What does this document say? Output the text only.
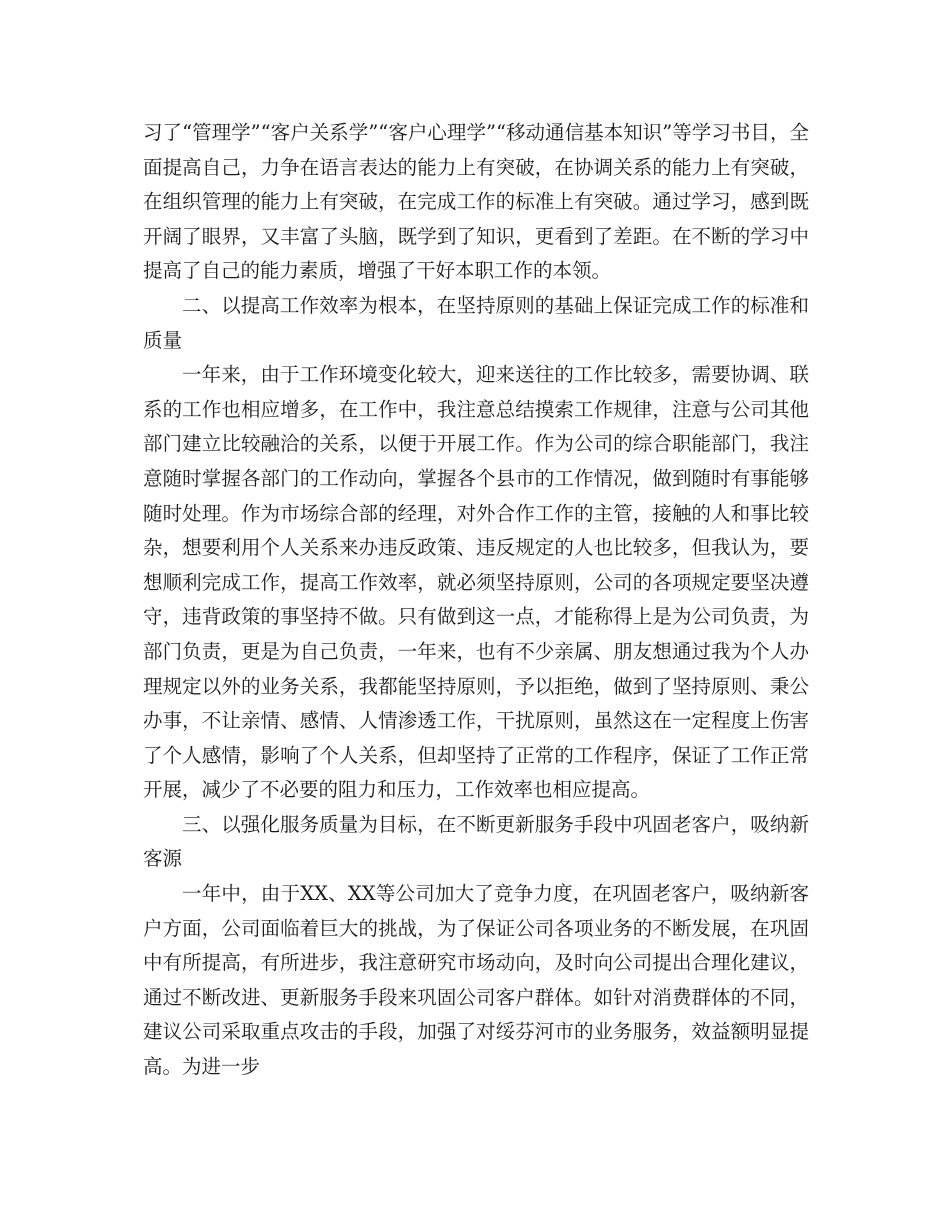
习了“管理学”“客户关系学”“客户心理学”“移动通信基本知识”等学习书目，全面提高自己，力争在语言表达的能力上有突破，在协调关系的能力上有突破，在组织管理的能力上有突破，在完成工作的标准上有突破。通过学习，感到既开阔了眼界，又丰富了头脑，既学到了知识，更看到了差距。在不断的学习中提高了自己的能力素质，增强了干好本职工作的本领。

二、以提高工作效率为根本，在坚持原则的基础上保证完成工作的标准和质量

一年来，由于工作环境变化较大，迎来送往的工作比较多，需要协调、联系的工作也相应增多，在工作中，我注意总结摸索工作规律，注意与公司其他部门建立比较融洽的关系，以便于开展工作。作为公司的综合职能部门，我注意随时掌握各部门的工作动向，掌握各个县市的工作情况，做到随时有事能够随时处理。作为市场综合部的经理，对外合作工作的主管，接触的人和事比较杂，想要利用个人关系来办违反政策、违反规定的人也比较多，但我认为，要想顺利完成工作，提高工作效率，就必须坚持原则，公司的各项规定要坚决遵守，违背政策的事坚持不做。只有做到这一点，才能称得上是为公司负责，为部门负责，更是为自己负责，一年来，也有不少亲属、朋友想通过我为个人办理规定以外的业务关系，我都能坚持原则，予以拒绝，做到了坚持原则、秉公办事，不让亲情、感情、人情渗透工作，干扰原则，虽然这在一定程度上伤害了个人感情，影响了个人关系，但却坚持了正常的工作程序，保证了工作正常开展，减少了不必要的阻力和压力，工作效率也相应提高。

三、以强化服务质量为目标，在不断更新服务手段中巩固老客户，吸纳新客源

一年中，由于XX、XX等公司加大了竞争力度，在巩固老客户，吸纳新客户方面，公司面临着巨大的挑战，为了保证公司各项业务的不断发展，在巩固中有所提高，有所进步，我注意研究市场动向，及时向公司提出合理化建议，通过不断改进、更新服务手段来巩固公司客户群体。如针对消费群体的不同，建议公司采取重点攻击的手段，加强了对绥芬河市的业务服务，效益额明显提高。为进一步
